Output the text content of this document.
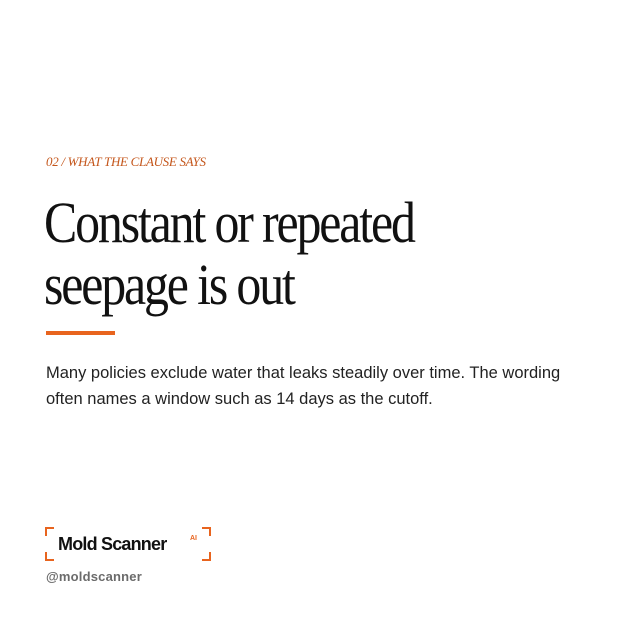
02 / WHAT THE CLAUSE SAYS
Constant or repeated seepage is out

Many policies exclude water that leaks steadily over time. The wording often names a window such as 14 days as the cutoff.

Mold Scanner	AI
@moldscanner
